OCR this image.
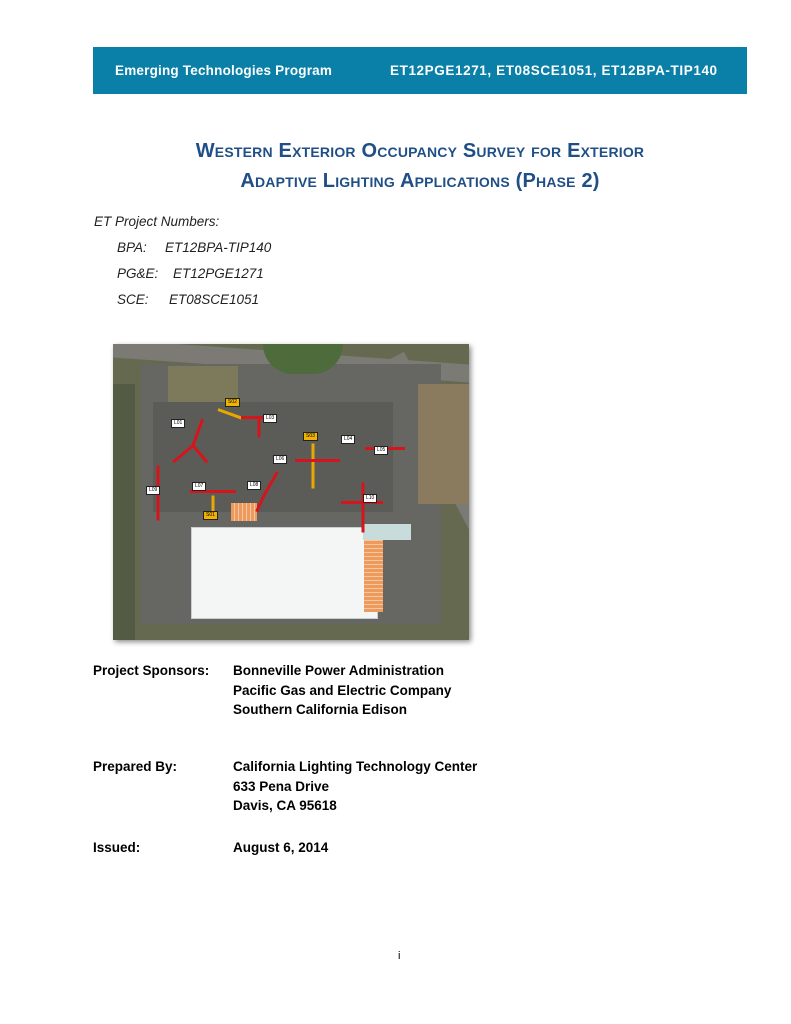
Emerging Technologies Program	ET12PGE1271, ET08SCE1051, ET12BPA-TIP140
Western Exterior Occupancy Survey for Exterior
Adaptive Lighting Applications (Phase 2)
ET Project Numbers:
BPA: ET12BPA-TIP140
PG&E: ET12PGE1271
SCE: ET08SCE1051
S02
L01
L03
S03	L04
L05
L06
L07	L08
L09
S01
L10
Project Sponsors: Bonneville Power Administration
Pacific Gas and Electric Company
Southern California Edison
Prepared By:	California Lighting Technology Center
633 Pena Drive
Davis, CA 95618
Issued:	August 6, 2014
i
